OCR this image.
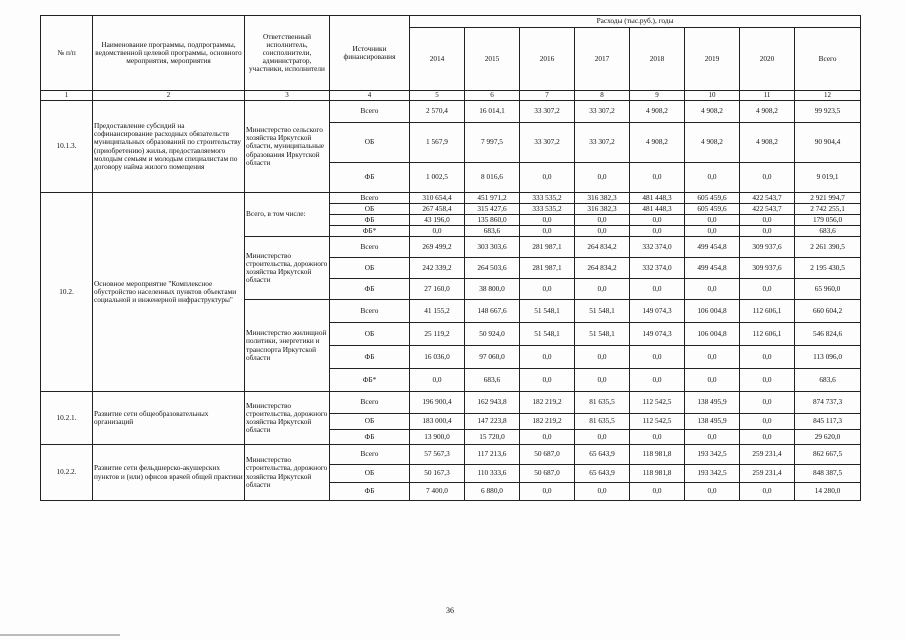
№ п/п	Наименование программы, подпрограммы, ведомственной целевой программы, основного мероприятия, мероприятия	Ответственный исполнитель, соисполнители, администратор, участники, исполнители	Источники финансирования	Расходы (тыс.руб.), годы							
				2014	2015	2016	2017	2018	2019	2020	Всего
1	2	3	4	5	6	7	8	9	10	11	12
10.1.3.	Предоставление субсидий на софинансирование расходных обязательств муниципальных образований по строительству (приобретению) жилья, предоставляемого молодым семьям и молодым специалистам по договору найма жилого помещения	Министерство сельского хозяйства Иркутской области, муниципальные образования Иркутской области	Всего	2 570,4	16 014,1	33 307,2	33 307,2	4 908,2	4 908,2	4 908,2	99 923,5
			ОБ	1 567,9	7 997,5	33 307,2	33 307,2	4 908,2	4 908,2	4 908,2	90 904,4
			ФБ	1 002,5	8 016,6	0,0	0,0	0,0	0,0	0,0	9 019,1
10.2.	Основное мероприятие "Комплексное обустройство населенных пунктов объектами социальной и инженерной инфраструктуры"	Всего, в том числе:	Всего	310 654,4	451 971,2	333 535,2	316 382,3	481 448,3	605 459,6	422 543,7	2 921 994,7
			ОБ	267 458,4	315 427,6	333 535,2	316 382,3	481 448,3	605 459,6	422 543,7	2 742 255,1
			ФБ	43 196,0	135 860,0	0,0	0,0	0,0	0,0	0,0	179 056,0
			ФБ*	0,0	683,6	0,0	0,0	0,0	0,0	0,0	683,6
		Министерство строительства, дорожного хозяйства Иркутской области	Всего	269 499,2	303 303,6	281 987,1	264 834,2	332 374,0	499 454,8	309 937,6	2 261 390,5
			ОБ	242 339,2	264 503,6	281 987,1	264 834,2	332 374,0	499 454,8	309 937,6	2 195 430,5
			ФБ	27 160,0	38 800,0	0,0	0,0	0,0	0,0	0,0	65 960,0
		Министерство жилищной политики, энергетики и транспорта Иркутской области	Всего	41 155,2	148 667,6	51 548,1	51 548,1	149 074,3	106 004,8	112 606,1	660 604,2
			ОБ	25 119,2	50 924,0	51 548,1	51 548,1	149 074,3	106 004,8	112 606,1	546 824,6
			ФБ	16 036,0	97 060,0	0,0	0,0	0,0	0,0	0,0	113 096,0
			ФБ*	0,0	683,6	0,0	0,0	0,0	0,0	0,0	683,6
10.2.1.	Развитие сети общеобразовательных организаций	Министерство строительства, дорожного хозяйства Иркутской области	Всего	196 900,4	162 943,8	182 219,2	81 635,5	112 542,5	138 495,9	0,0	874 737,3
			ОБ	183 000,4	147 223,8	182 219,2	81 635,5	112 542,5	138 495,9	0,0	845 117,3
			ФБ	13 900,0	15 720,0	0,0	0,0	0,0	0,0	0,0	29 620,0
10.2.2.	Развитие сети фельдшерско-акушерских пунктов и (или) офисов врачей общей практики	Министерство строительства, дорожного хозяйства Иркутской области	Всего	57 567,3	117 213,6	50 687,0	65 643,9	118 981,8	193 342,5	259 231,4	862 667,5
			ОБ	50 167,3	110 333,6	50 687,0	65 643,9	118 981,8	193 342,5	259 231,4	848 387,5
			ФБ	7 400,0	6 880,0	0,0	0,0	0,0	0,0	0,0	14 280,0
36
